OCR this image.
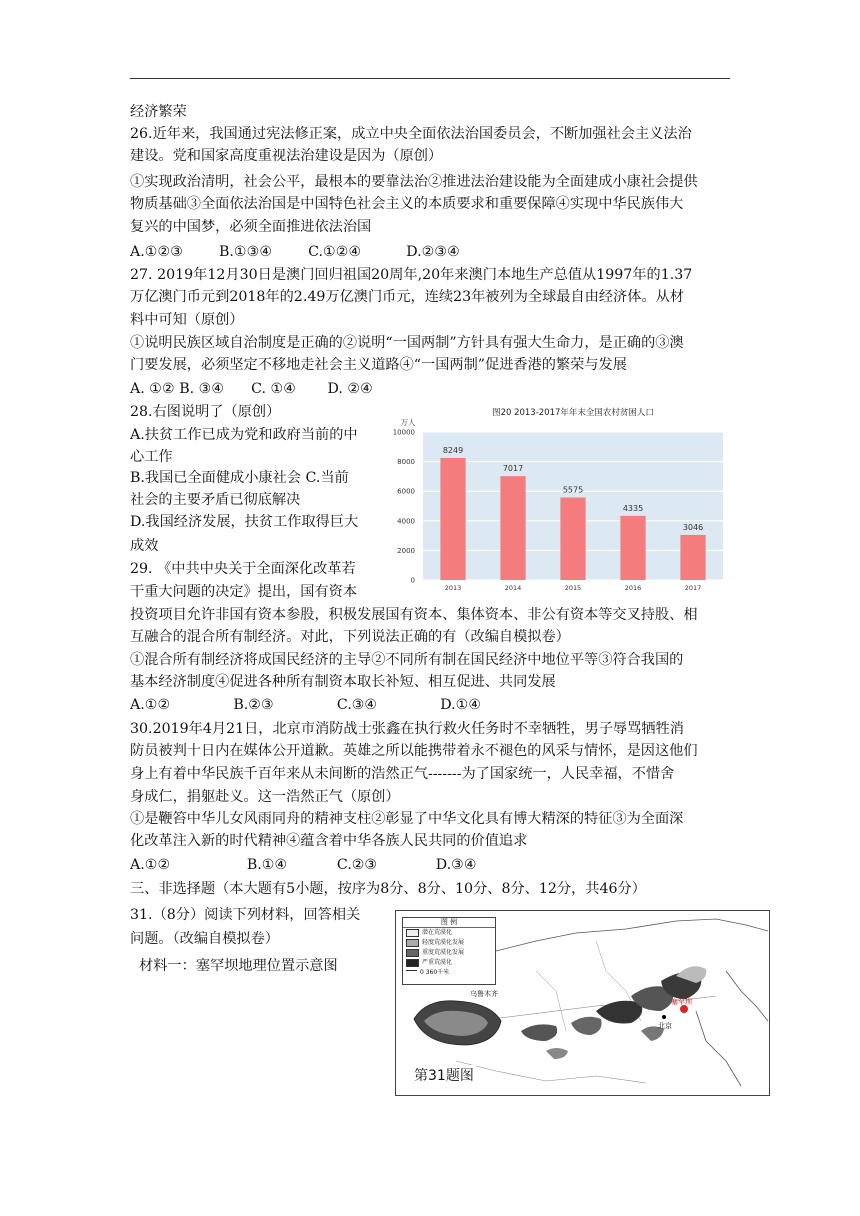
经济繁荣
26.近年来，我国通过宪法修正案，成立中央全面依法治国委员会，不断加强社会主义法治
建设。党和国家高度重视法治建设是因为（原创）
①实现政治清明，社会公平，最根本的要靠法治②推进法治建设能为全面建成小康社会提供
物质基础③全面依法治国是中国特色社会主义的本质要求和重要保障④实现中华民族伟大
复兴的中国梦，必须全面推进依法治国
A.①②③        B.①③④        C.①②④          D.②③④
27. 2019年12月30日是澳门回归祖国20周年,20年来澳门本地生产总值从1997年的1.37
万亿澳门币元到2018年的2.49万亿澳门币元，连续23年被列为全球最自由经济体。从材
料中可知（原创）
①说明民族区域自治制度是正确的②说明“一国两制”方针具有强大生命力，是正确的③澳
门要发展，必须坚定不移地走社会主义道路④“一国两制”促进香港的繁荣与发展
A. ①② B. ③④      C. ①④       D. ②④
28.右图说明了（原创）
A.扶贫工作已成为党和政府当前的中
心工作
B.我国已全面健成小康社会 C.当前
社会的主要矛盾已彻底解决
D.我国经济发展，扶贫工作取得巨大
成效
29. 《中共中央关于全面深化改革若
干重大问题的决定》提出，国有资本
投资项目允许非国有资本参股，积极发展国有资本、集体资本、非公有资本等交叉持股、相
互融合的混合所有制经济。对此，下列说法正确的有（改编自模拟卷）
①混合所有制经济将成国民经济的主导②不同所有制在国民经济中地位平等③符合我国的
基本经济制度④促进各种所有制资本取长补短、相互促进、共同发展
A.①②              B.②③              C.③④              D.①④
30.2019年4月21日，北京市消防战士张鑫在执行救火任务时不幸牺牲，男子辱骂牺牲消
防员被判十日内在媒体公开道歉。英雄之所以能携带着永不褪色的风采与情怀，是因这他们
身上有着中华民族千百年来从未间断的浩然正气-------为了国家统一，人民幸福，不惜舍
身成仁，捐躯赴义。这一浩然正气（原创）
①是鞭笞中华儿女风雨同舟的精神支柱②彰显了中华文化具有博大精深的特征③为全面深
化改革注入新的时代精神④蕴含着中华各族人民共同的价值追求
A.①②                 B.①④           C.②③             D.③④
三、非选择题（本大题有5小题，按序为8分、8分、10分、8分、12分，共46分）
31.（8分）阅读下列材料，回答相关
问题。（改编自模拟卷）
材料一：塞罕坝地理位置示意图
图20 2013-2017年年末全国农村贫困人口
万人
0
2000
4000
6000
8000
10000
8249
2013
7017
2014
5575
2015
4335
2016
3046
2017
图 例
潜在荒漠化
轻度荒漠化发展
重度荒漠化发展
严重荒漠化
0 360千米
乌鲁木齐
塞罕坝
北京
第31题图
